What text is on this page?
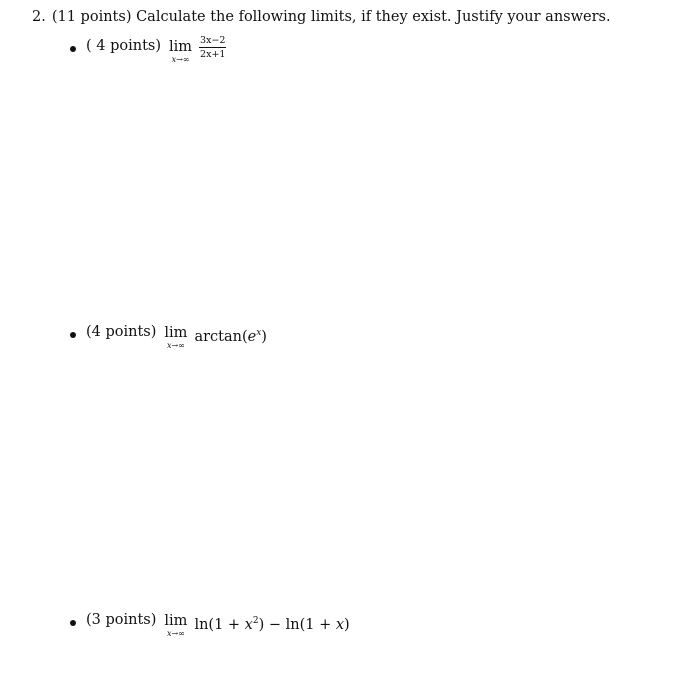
2. (11 points) Calculate the following limits, if they exist. Justify your answers.
( 4 points) lim
$x\to\infty \frac{3x-2}{2x+1}$
(4 points) lim
x→∞
$\arctan(e^x)$
(3 points) lim
x→∞
$\ln(1 + x^2) - \ln(1 + x)$
